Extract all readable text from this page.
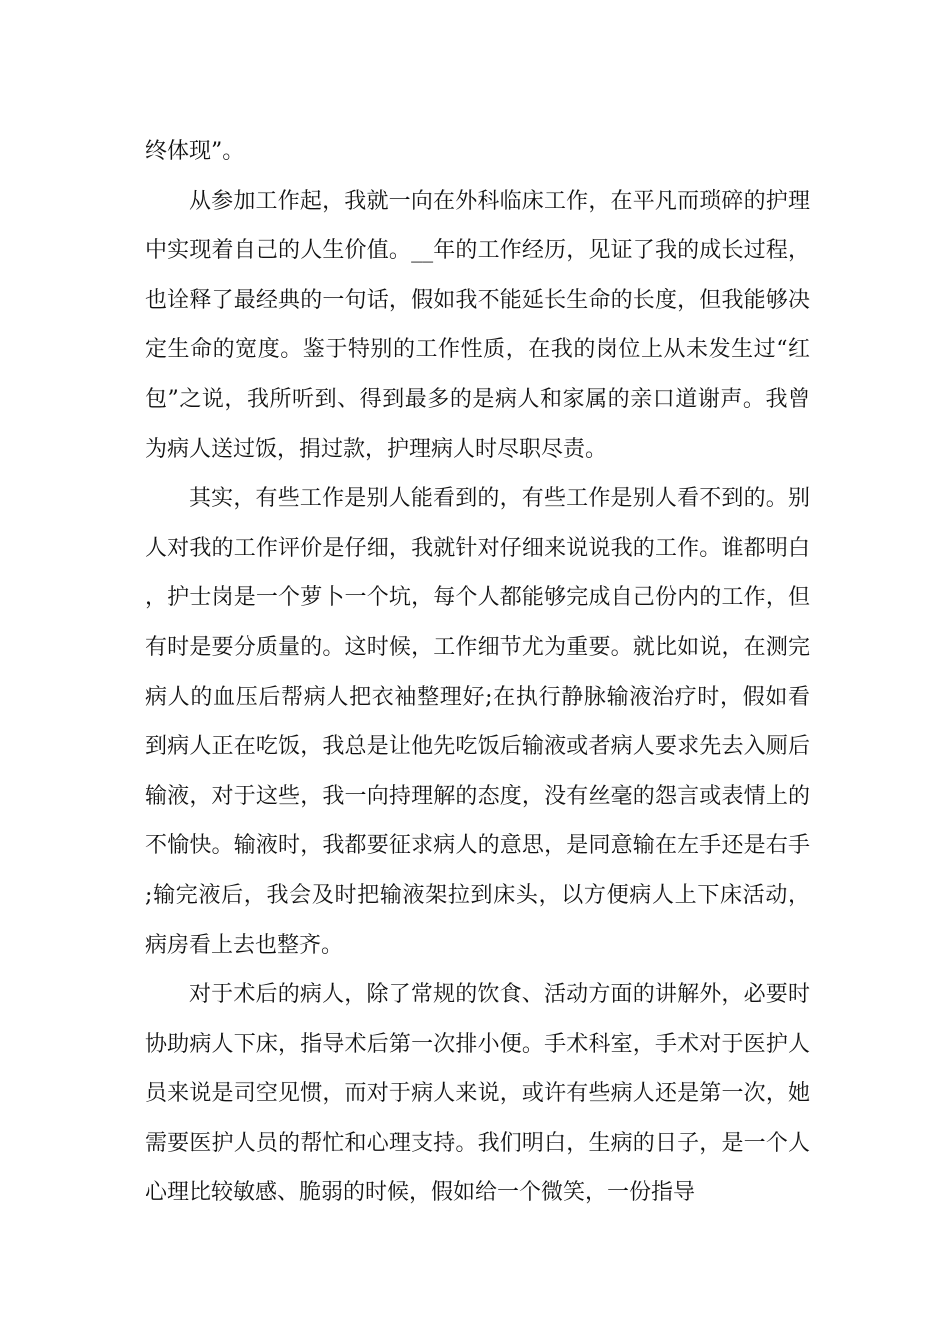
终体现”。

从参加工作起，我就一向在外科临床工作，在平凡而琐碎的护理中实现着自己的人生价值。__年的工作经历，见证了我的成长过程，也诠释了最经典的一句话，假如我不能延长生命的长度，但我能够决定生命的宽度。鉴于特别的工作性质，在我的岗位上从未发生过“红包”之说，我所听到、得到最多的是病人和家属的亲口道谢声。我曾为病人送过饭，捐过款，护理病人时尽职尽责。

其实，有些工作是别人能看到的，有些工作是别人看不到的。别人对我的工作评价是仔细，我就针对仔细来说说我的工作。谁都明白，护士岗是一个萝卜一个坑，每个人都能够完成自己份内的工作，但有时是要分质量的。这时候，工作细节尤为重要。就比如说，在测完病人的血压后帮病人把衣袖整理好;在执行静脉输液治疗时，假如看到病人正在吃饭，我总是让他先吃饭后输液或者病人要求先去入厕后输液，对于这些，我一向持理解的态度，没有丝毫的怨言或表情上的不愉快。输液时，我都要征求病人的意思，是同意输在左手还是右手;输完液后，我会及时把输液架拉到床头，以方便病人上下床活动，病房看上去也整齐。

对于术后的病人，除了常规的饮食、活动方面的讲解外，必要时协助病人下床，指导术后第一次排小便。手术科室，手术对于医护人员来说是司空见惯，而对于病人来说，或许有些病人还是第一次，她需要医护人员的帮忙和心理支持。我们明白，生病的日子，是一个人心理比较敏感、脆弱的时候，假如给一个微笑，一份指导
